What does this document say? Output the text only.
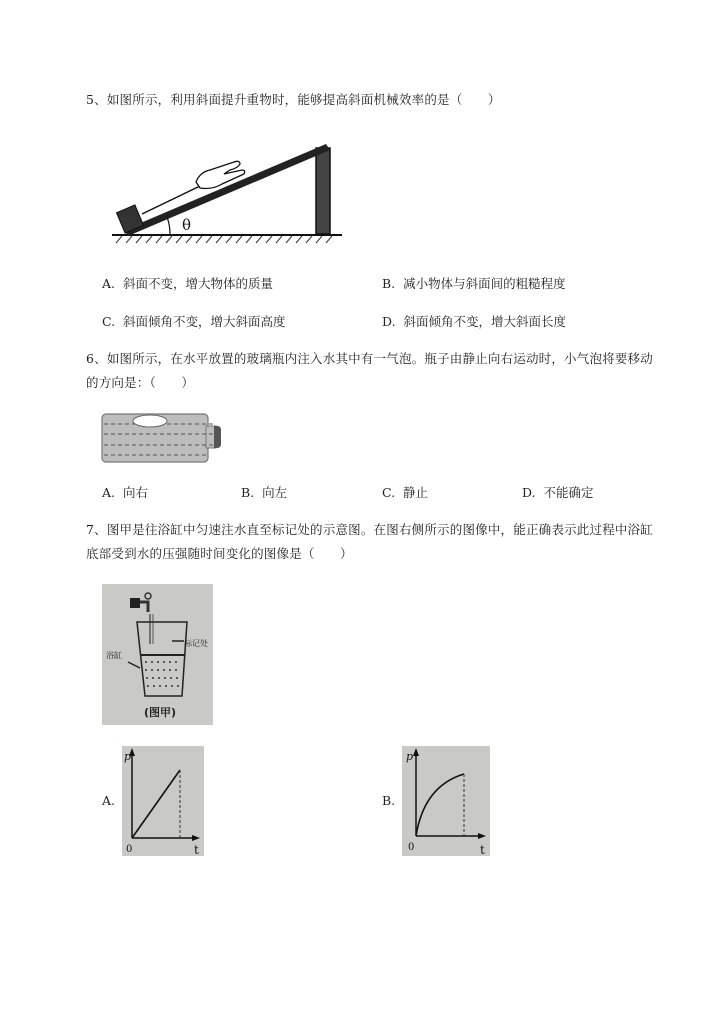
5、如图所示，利用斜面提升重物时，能够提高斜面机械效率的是（　　）
θ
A. 斜面不变，增大物体的质量	B. 减小物体与斜面间的粗糙程度
C. 斜面倾角不变，增大斜面高度	D. 斜面倾角不变，增大斜面长度
6、如图所示，在水平放置的玻璃瓶内注入水其中有一气泡。瓶子由静止向右运动时，小气泡将要移动
的方向是：（　　）
A. 向右	B. 向左	C. 静止	D. 不能确定
7、图甲是往浴缸中匀速注水直至标记处的示意图。在图右侧所示的图像中，能正确表示此过程中浴缸
底部受到水的压强随时间变化的图像是（　　）
标记处
浴缸
(图甲)
A.
p
0	t
B.
p
0	t
